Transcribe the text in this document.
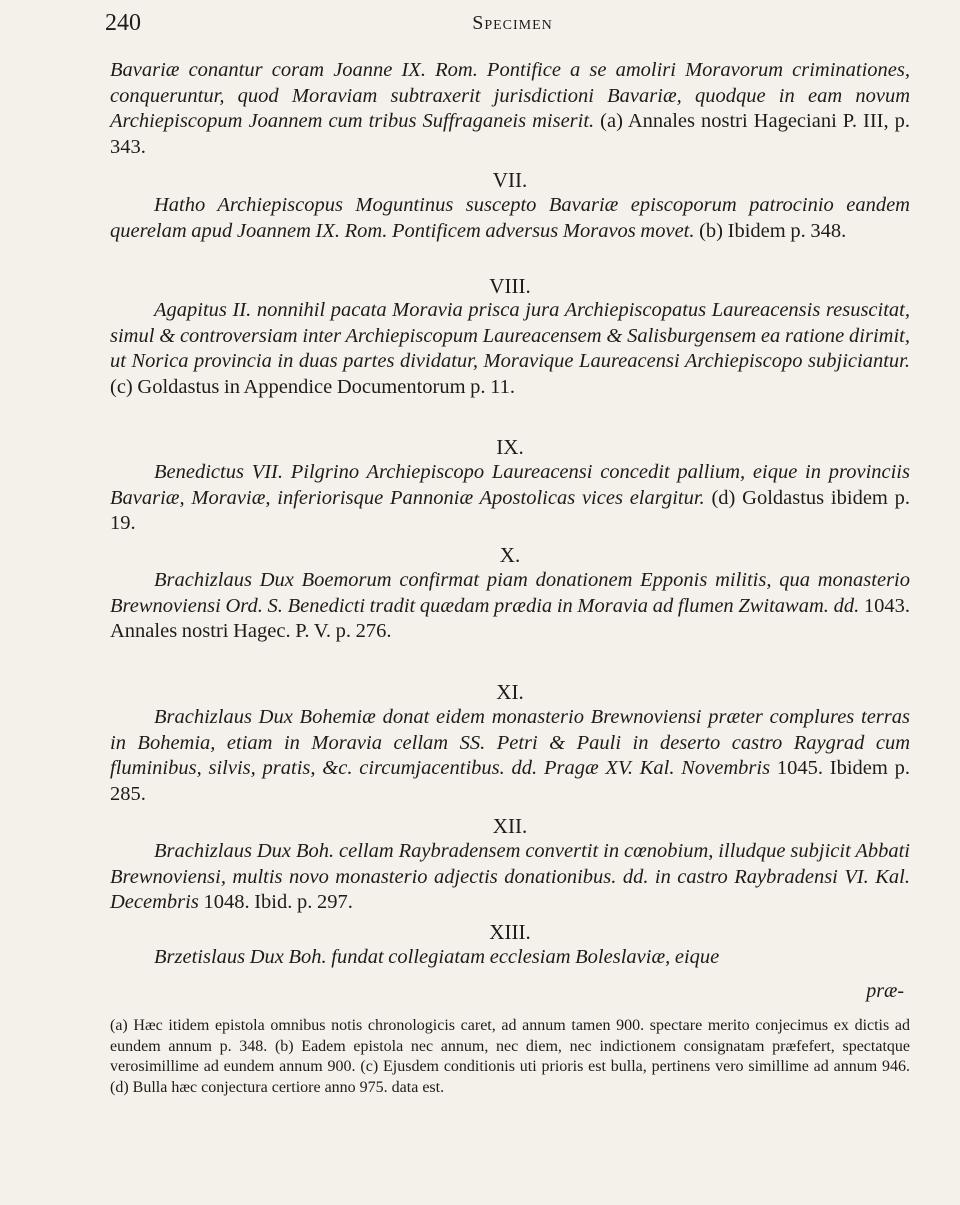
240	Specimen
Bavariæ conantur coram Joanne IX. Rom. Pontifice a se amoliri Moravorum criminationes, conqueruntur, quod Moraviam subtraxerit jurisdictioni Bavariæ, quodque in eam novum Archiepiscopum Joannem cum tribus Suffraganeis miserit. (a) Annales nostri Hageciani P. III, p. 343.
VII.
Hatho Archiepiscopus Moguntinus suscepto Bavariæ episcoporum patrocinio eandem querelam apud Joannem IX. Rom. Pontificem adversus Moravos movet. (b) Ibidem p. 348.
VIII.
Agapitus II. nonnihil pacata Moravia prisca jura Archiepiscopatus Laureacensis resuscitat, simul & controversiam inter Archiepiscopum Laureacensem & Salisburgensem ea ratione dirimit, ut Norica provincia in duas partes dividatur, Moravique Laureacensi Archiepiscopo subjiciantur. (c) Goldastus in Appendice Documentorum p. 11.
IX.
Benedictus VII. Pilgrino Archiepiscopo Laureacensi concedit pallium, eique in provinciis Bavariæ, Moraviæ, inferiorisque Pannoniæ Apostolicas vices elargitur. (d) Goldastus ibidem p. 19.
X.
Brachizlaus Dux Boemorum confirmat piam donationem Epponis militis, qua monasterio Brewnoviensi Ord. S. Benedicti tradit quædam prædia in Moravia ad flumen Zwitawam. dd. 1043. Annales nostri Hagec. P. V. p. 276.
XI.
Brachizlaus Dux Bohemiæ donat eidem monasterio Brewnoviensi præter complures terras in Bohemia, etiam in Moravia cellam SS. Petri & Pauli in deserto castro Raygrad cum fluminibus, silvis, pratis, &c. circumjacentibus. dd. Pragæ XV. Kal. Novembris 1045. Ibidem p. 285.
XII.
Brachizlaus Dux Boh. cellam Raybradensem convertit in cœnobium, illudque subjicit Abbati Brewnoviensi, multis novo monasterio adjectis donationibus. dd. in castro Raybradensi VI. Kal. Decembris 1048. Ibid. p. 297.
XIII.
Brzetislaus Dux Boh. fundat collegiatam ecclesiam Boleslaviæ, eique
præ-
(a) Hæc itidem epistola omnibus notis chronologicis caret, ad annum tamen 900. spectare merito conjecimus ex dictis ad eundem annum p. 348. (b) Eadem epistola nec annum, nec diem, nec indictionem consignatam præfefert, spectatque verosimillime ad eundem annum 900. (c) Ejusdem conditionis uti prioris est bulla, pertinens vero simillime ad annum 946. (d) Bulla hæc conjectura certiore anno 975. data est.
